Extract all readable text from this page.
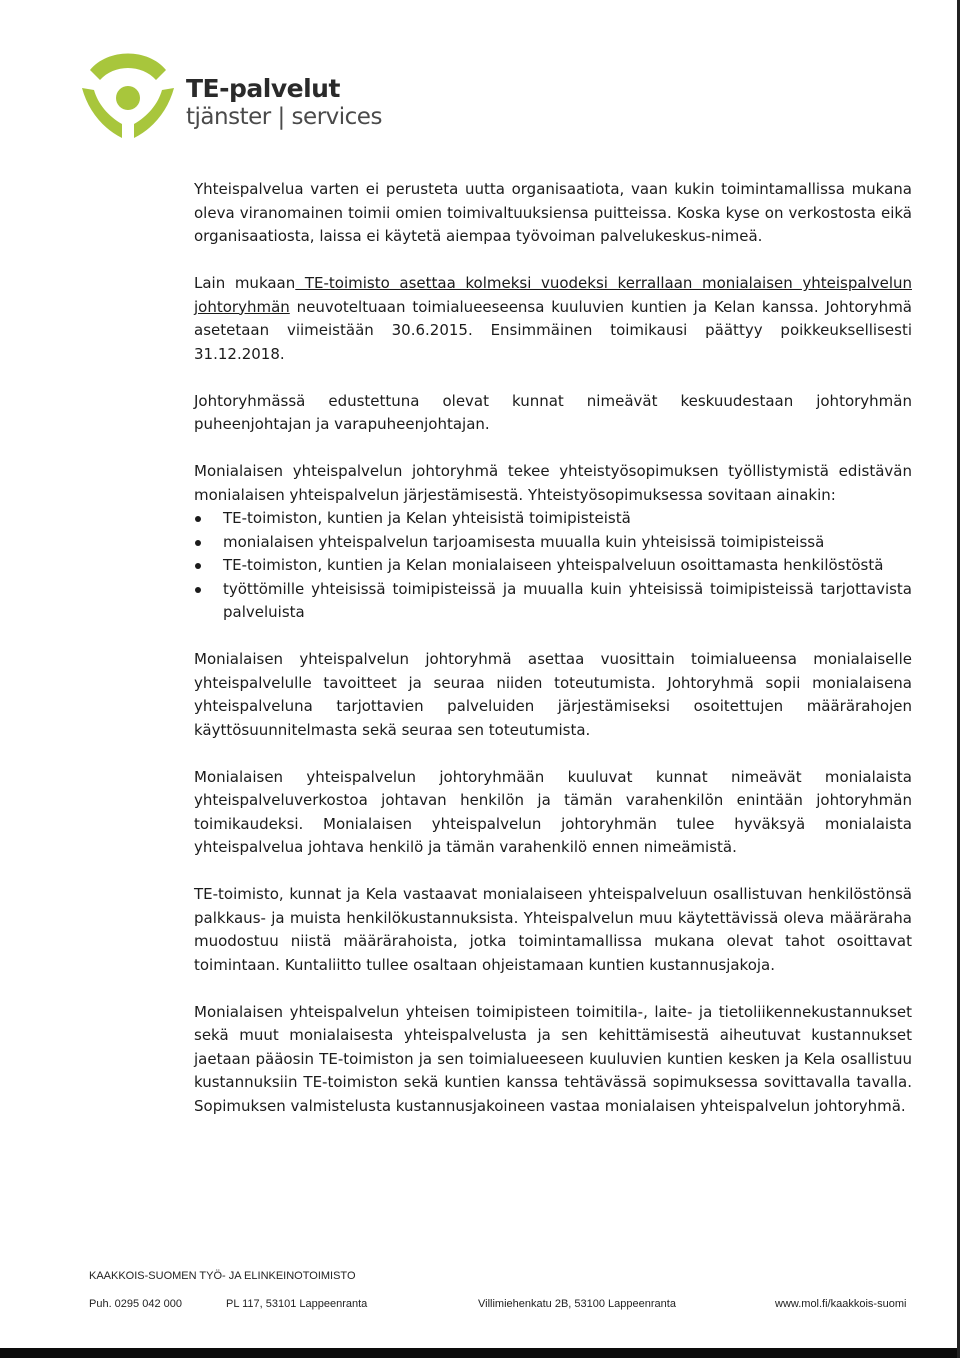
TE-palvelut
tjänster | services

Yhteispalvelua varten ei perusteta uutta organisaatiota, vaan kukin toimintamallissa mukana oleva viranomainen toimii omien toimivaltuuksiensa puitteissa. Koska kyse on verkostosta eikä organisaatiosta, laissa ei käytetä aiempaa työvoiman palvelukeskus-nimeä.

Lain mukaan TE-toimisto asettaa kolmeksi vuodeksi kerrallaan monialaisen yhteispalvelun johtoryhmän neuvoteltuaan toimialueeseensa kuuluvien kuntien ja Kelan kanssa. Johtoryhmä asetetaan viimeistään 30.6.2015. Ensimmäinen toimikausi päättyy poikkeuksellisesti 31.12.2018.

Johtoryhmässä edustettuna olevat kunnat nimeävät keskuudestaan johtoryhmän puheenjohtajan ja varapuheenjohtajan.

Monialaisen yhteispalvelun johtoryhmä tekee yhteistyösopimuksen työllistymistä edistävän monialaisen yhteispalvelun järjestämisestä. Yhteistyösopimuksessa sovitaan ainakin:

TE-toimiston, kuntien ja Kelan yhteisistä toimipisteistä
monialaisen yhteispalvelun tarjoamisesta muualla kuin yhteisissä toimipisteissä
TE-toimiston, kuntien ja Kelan monialaiseen yhteispalveluun osoittamasta henkilöstöstä
työttömille yhteisissä toimipisteissä ja muualla kuin yhteisissä toimipisteissä tarjottavista palveluista

Monialaisen yhteispalvelun johtoryhmä asettaa vuosittain toimialueensa monialaiselle yhteispalvelulle tavoitteet ja seuraa niiden toteutumista. Johtoryhmä sopii monialaisena yhteispalveluna tarjottavien palveluiden järjestämiseksi osoitettujen määrärahojen käyttösuunnitelmasta sekä seuraa sen toteutumista.

Monialaisen yhteispalvelun johtoryhmään kuuluvat kunnat nimeävät monialaista yhteispalveluverkostoa johtavan henkilön ja tämän varahenkilön enintään johtoryhmän toimikaudeksi. Monialaisen yhteispalvelun johtoryhmän tulee hyväksyä monialaista yhteispalvelua johtava henkilö ja tämän varahenkilö ennen nimeämistä.

TE-toimisto, kunnat ja Kela vastaavat monialaiseen yhteispalveluun osallistuvan henkilöstönsä palkkaus- ja muista henkilökustannuksista. Yhteispalvelun muu käytettävissä oleva määräraha muodostuu niistä määrärahoista, jotka toimintamallissa mukana olevat tahot osoittavat toimintaan. Kuntaliitto tullee osaltaan ohjeistamaan kuntien kustannusjakoja.

Monialaisen yhteispalvelun yhteisen toimipisteen toimitila-, laite- ja tietoliikennekustannukset sekä muut monialaisesta yhteispalvelusta ja sen kehittämisestä aiheutuvat kustannukset jaetaan pääosin TE-toimiston ja sen toimialueeseen kuuluvien kuntien kesken ja Kela osallistuu kustannuksiin TE-toimiston sekä kuntien kanssa tehtävässä sopimuksessa sovittavalla tavalla. Sopimuksen valmistelusta kustannusjakoineen vastaa monialaisen yhteispalvelun johtoryhmä.

KAAKKOIS-SUOMEN TYÖ- JA ELINKEINOTOIMISTO
Puh. 0295 042 000	PL 117, 53101 Lappeenranta	Villimiehenkatu 2B, 53100 Lappeenranta	www.mol.fi/kaakkois-suomi
